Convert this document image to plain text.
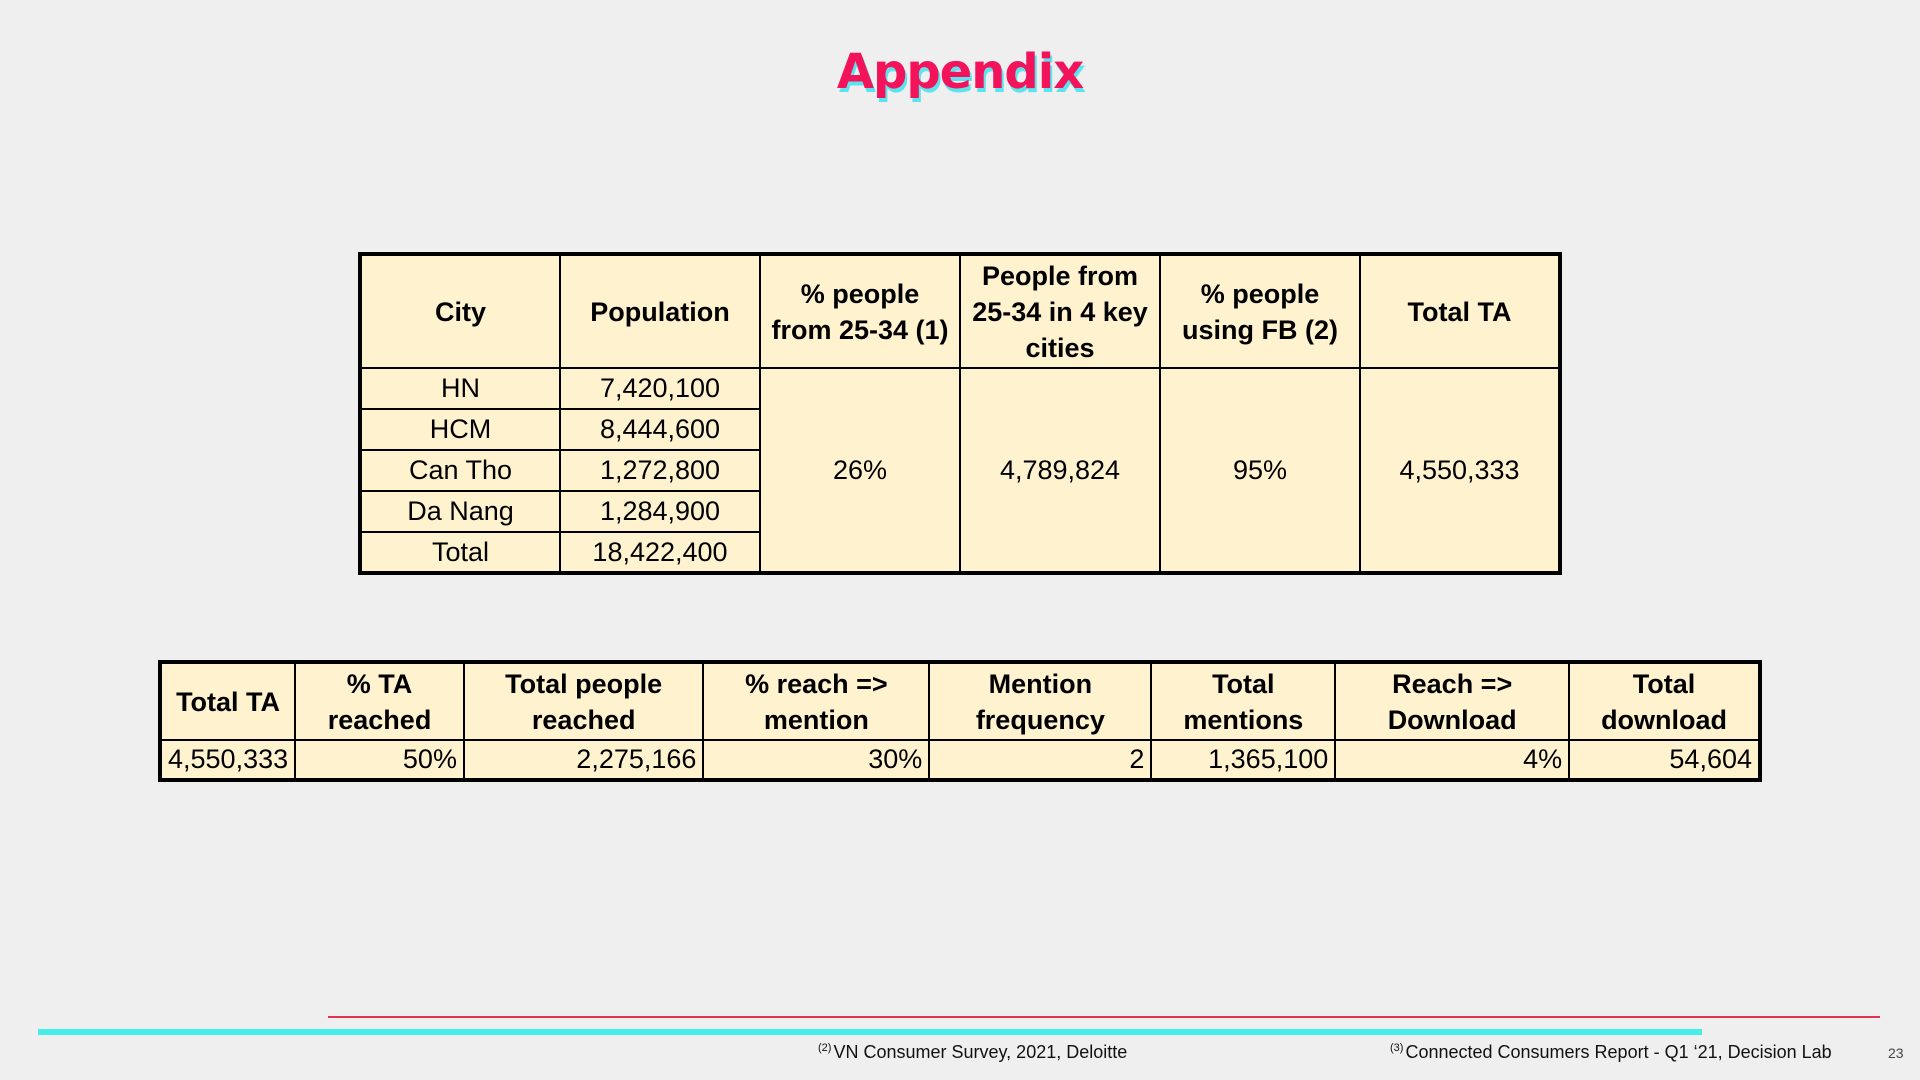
Appendix
City	Population	% people from 25-34 (1)	People from 25-34 in 4 key cities	% people using FB (2)	Total TA
HN	7,420,100	26%	4,789,824	95%	4,550,333
HCM	8,444,600				
Can Tho	1,272,800				
Da Nang	1,284,900				
Total	18,422,400				
Total TA	% TA reached	Total people reached	% reach => mention	Mention frequency	Total mentions	Reach => Download	Total download
4,550,333	50%	2,275,166	30%	2	1,365,100	4%	54,604
$^{(2)}$ VN Consumer Survey, 2021, Deloitte	$^{(3)}$ Connected Consumers Report - Q1 ‘21, Decision Lab	23
